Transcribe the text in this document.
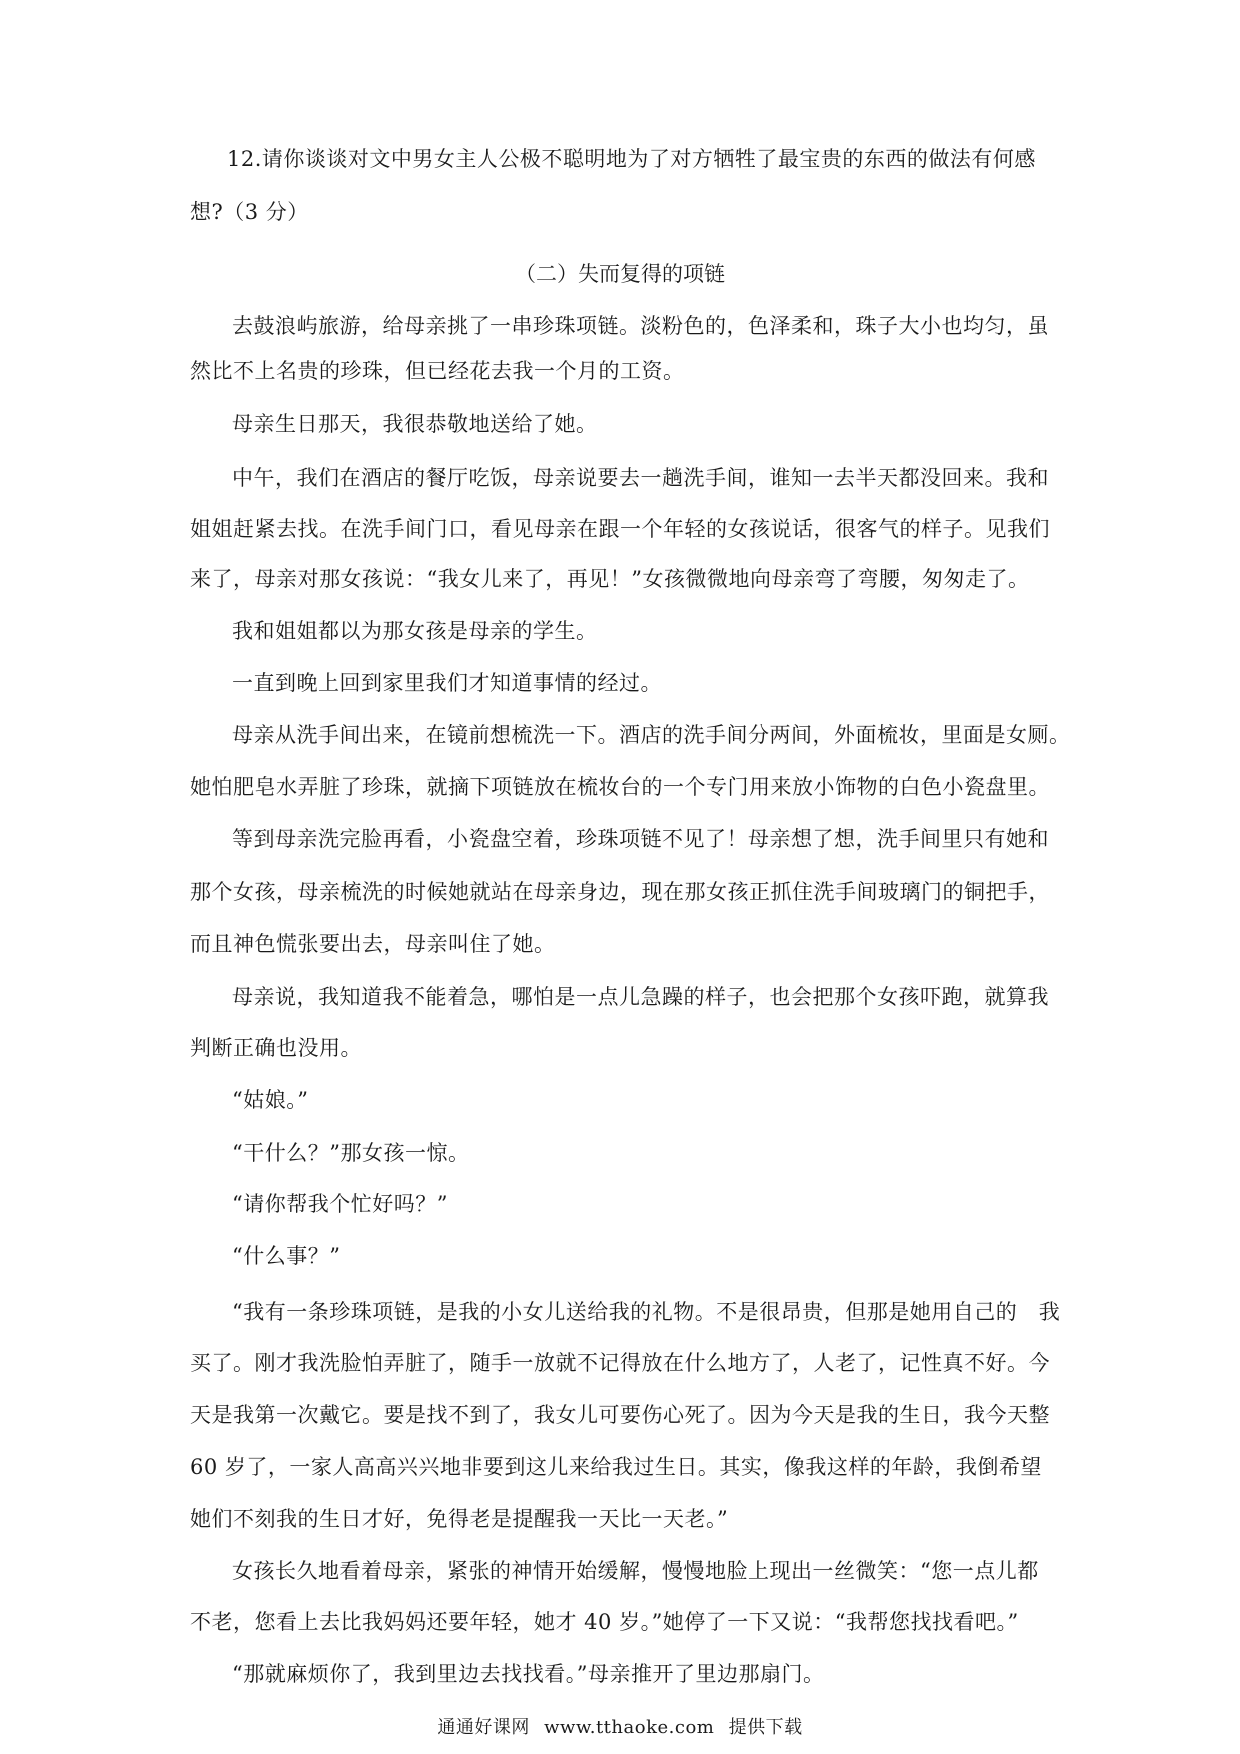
12.请你谈谈对文中男女主人公极不聪明地为了对方牺牲了最宝贵的东西的做法有何感
想?（3 分）
（二）失而复得的项链
去鼓浪屿旅游，给母亲挑了一串珍珠项链。淡粉色的，色泽柔和，珠子大小也均匀，虽
然比不上名贵的珍珠，但已经花去我一个月的工资。
母亲生日那天，我很恭敬地送给了她。
中午，我们在酒店的餐厅吃饭，母亲说要去一趟洗手间，谁知一去半天都没回来。我和
姐姐赶紧去找。在洗手间门口，看见母亲在跟一个年轻的女孩说话，很客气的样子。见我们
来了，母亲对那女孩说：“我女儿来了，再见！”女孩微微地向母亲弯了弯腰，匆匆走了。
我和姐姐都以为那女孩是母亲的学生。
一直到晚上回到家里我们才知道事情的经过。
母亲从洗手间出来，在镜前想梳洗一下。酒店的洗手间分两间，外面梳妆，里面是女厕。
她怕肥皂水弄脏了珍珠，就摘下项链放在梳妆台的一个专门用来放小饰物的白色小瓷盘里。
等到母亲洗完脸再看，小瓷盘空着，珍珠项链不见了！母亲想了想，洗手间里只有她和
那个女孩，母亲梳洗的时候她就站在母亲身边，现在那女孩正抓住洗手间玻璃门的铜把手，
而且神色慌张要出去，母亲叫住了她。
母亲说，我知道我不能着急，哪怕是一点儿急躁的样子，也会把那个女孩吓跑，就算我
判断正确也没用。
“姑娘。”
“干什么？”那女孩一惊。
“请你帮我个忙好吗？”
“什么事？”
“我有一条珍珠项链，是我的小女儿送给我的礼物。不是很昂贵，但那是她用自己的　我
买了。刚才我洗脸怕弄脏了，随手一放就不记得放在什么地方了，人老了，记性真不好。今
天是我第一次戴它。要是找不到了，我女儿可要伤心死了。因为今天是我的生日，我今天整
60 岁了，一家人高高兴兴地非要到这儿来给我过生日。其实，像我这样的年龄，我倒希望
她们不刻我的生日才好，免得老是提醒我一天比一天老。”
女孩长久地看着母亲，紧张的神情开始缓解，慢慢地脸上现出一丝微笑：“您一点儿都
不老，您看上去比我妈妈还要年轻，她才 40 岁。”她停了一下又说：“我帮您找找看吧。”
“那就麻烦你了，我到里边去找找看。”母亲推开了里边那扇门。
通通好课网 www.tthaoke.com 提供下载
